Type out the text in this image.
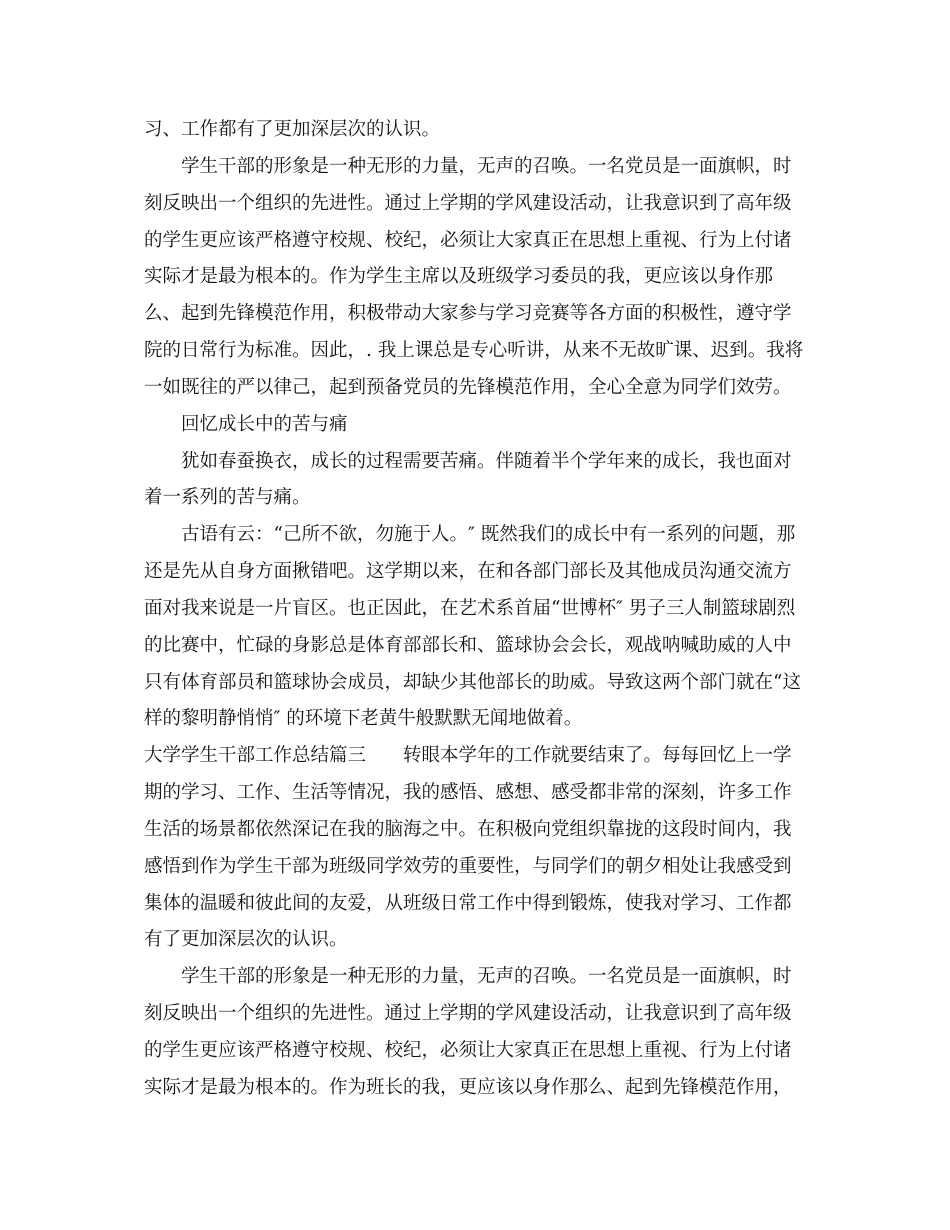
习、工作都有了更加深层次的认识。
　　学生干部的形象是一种无形的力量，无声的召唤。一名党员是一面旗帜，时
刻反映出一个组织的先进性。通过上学期的学风建设活动，让我意识到了高年级
的学生更应该严格遵守校规、校纪，必须让大家真正在思想上重视、行为上付诸
实际才是最为根本的。作为学生主席以及班级学习委员的我，更应该以身作那
么、起到先锋模范作用，积极带动大家参与学习竞赛等各方面的积极性，遵守学
院的日常行为标准。因此，. 我上课总是专心听讲，从来不无故旷课、迟到。我将
一如既往的严以律己，起到预备党员的先锋模范作用，全心全意为同学们效劳。
　　回忆成长中的苦与痛
　　犹如春蚕换衣，成长的过程需要苦痛。伴随着半个学年来的成长，我也面对
着一系列的苦与痛。
　　古语有云：“己所不欲，勿施于人。″ 既然我们的成长中有一系列的问题，那
还是先从自身方面揪错吧。这学期以来，在和各部门部长及其他成员沟通交流方
面对我来说是一片盲区。也正因此，在艺术系首届“世博杯″ 男子三人制篮球剧烈
的比赛中，忙碌的身影总是体育部部长和、篮球协会会长，观战呐喊助威的人中
只有体育部员和篮球协会成员，却缺少其他部长的助威。导致这两个部门就在“这
样的黎明静悄悄″ 的环境下老黄牛般默默无闻地做着。
大学学生干部工作总结篇三　　转眼本学年的工作就要结束了。每每回忆上一学
期的学习、工作、生活等情况，我的感悟、感想、感受都非常的深刻，许多工作
生活的场景都依然深记在我的脑海之中。在积极向党组织靠拢的这段时间内，我
感悟到作为学生干部为班级同学效劳的重要性，与同学们的朝夕相处让我感受到
集体的温暖和彼此间的友爱，从班级日常工作中得到锻炼，使我对学习、工作都
有了更加深层次的认识。
　　学生干部的形象是一种无形的力量，无声的召唤。一名党员是一面旗帜，时
刻反映出一个组织的先进性。通过上学期的学风建设活动，让我意识到了高年级
的学生更应该严格遵守校规、校纪，必须让大家真正在思想上重视、行为上付诸
实际才是最为根本的。作为班长的我，更应该以身作那么、起到先锋模范作用，
